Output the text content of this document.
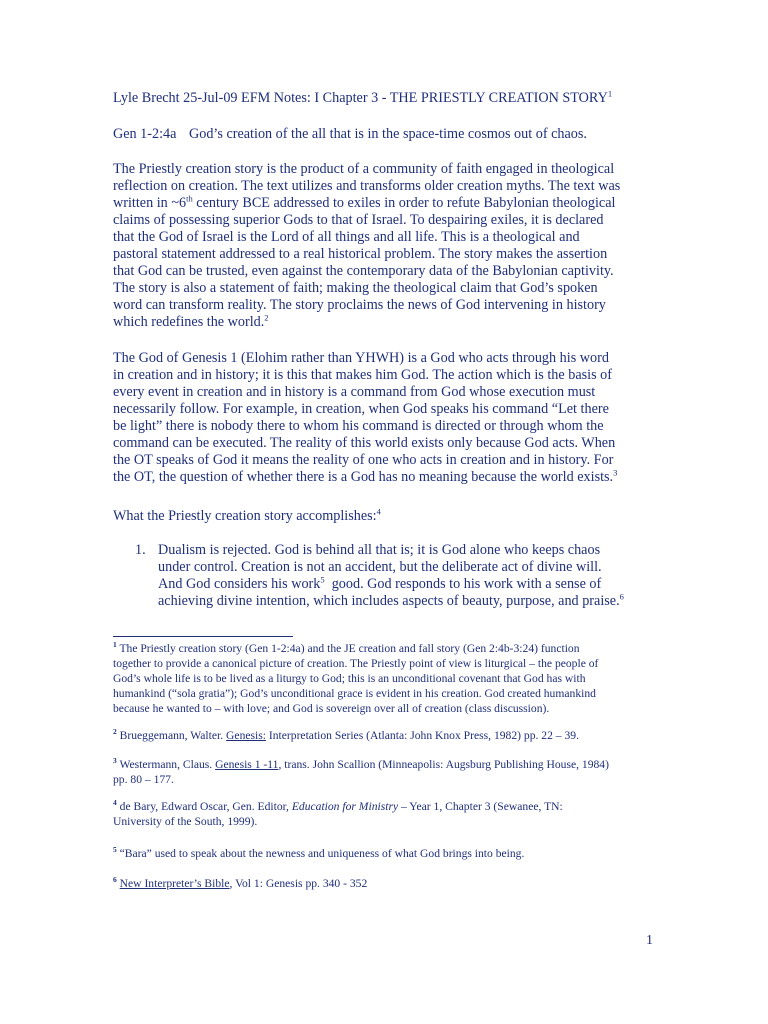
Lyle Brecht 25-Jul-09 EFM Notes: I Chapter 3 - THE PRIESTLY CREATION STORY$^1$

Gen 1-2:4a God’s creation of the all that is in the space-time cosmos out of chaos.

The Priestly creation story is the product of a community of faith engaged in theological
reflection on creation. The text utilizes and transforms older creation myths. The text was
written in ~6th century BCE addressed to exiles in order to refute Babylonian theological
claims of possessing superior Gods to that of Israel. To despairing exiles, it is declared
that the God of Israel is the Lord of all things and all life. This is a theological and
pastoral statement addressed to a real historical problem. The story makes the assertion
that God can be trusted, even against the contemporary data of the Babylonian captivity.
The story is also a statement of faith; making the theological claim that God’s spoken
word can transform reality. The story proclaims the news of God intervening in history
which redefines the world.$^2$
The God of Genesis 1 (Elohim rather than YHWH) is a God who acts through his word
in creation and in history; it is this that makes him God. The action which is the basis of
every event in creation and in history is a command from God whose execution must
necessarily follow. For example, in creation, when God speaks his command “Let there
be light” there is nobody there to whom his command is directed or through whom the
command can be executed. The reality of this world exists only because God acts. When
the OT speaks of God it means the reality of one who acts in creation and in history. For
the OT, the question of whether there is a God has no meaning because the world exists.$^3$

What the Priestly creation story accomplishes:$^4$

1. Dualism is rejected. God is behind all that is; it is God alone who keeps chaos
under control. Creation is not an accident, but the deliberate act of divine will.
And God considers his work$^5$  good. God responds to his work with a sense of
achieving divine intention, which includes aspects of beauty, purpose, and praise.$^6$
$^1$ The Priestly creation story (Gen 1-2:4a) and the JE creation and fall story (Gen 2:4b-3:24) function
together to provide a canonical picture of creation. The Priestly point of view is liturgical – the people of
God’s whole life is to be lived as a liturgy to God; this is an unconditional covenant that God has with
humankind (“sola gratia”); God’s unconditional grace is evident in his creation. God created humankind
because he wanted to – with love; and God is sovereign over all of creation (class discussion).
$^2$ Brueggemann, Walter. Genesis: Interpretation Series (Atlanta: John Knox Press, 1982) pp. 22 – 39.
$^3$ Westermann, Claus. Genesis 1 -11, trans. John Scallion (Minneapolis: Augsburg Publishing House, 1984)
pp. 80 – 177.
$^4$ de Bary, Edward Oscar, Gen. Editor, Education for Ministry – Year 1, Chapter 3 (Sewanee, TN:
University of the South, 1999).
$^5$ “Bara” used to speak about the newness and uniqueness of what God brings into being.
$^6$ New Interpreter’s Bible, Vol 1: Genesis pp. 340 - 352
1
